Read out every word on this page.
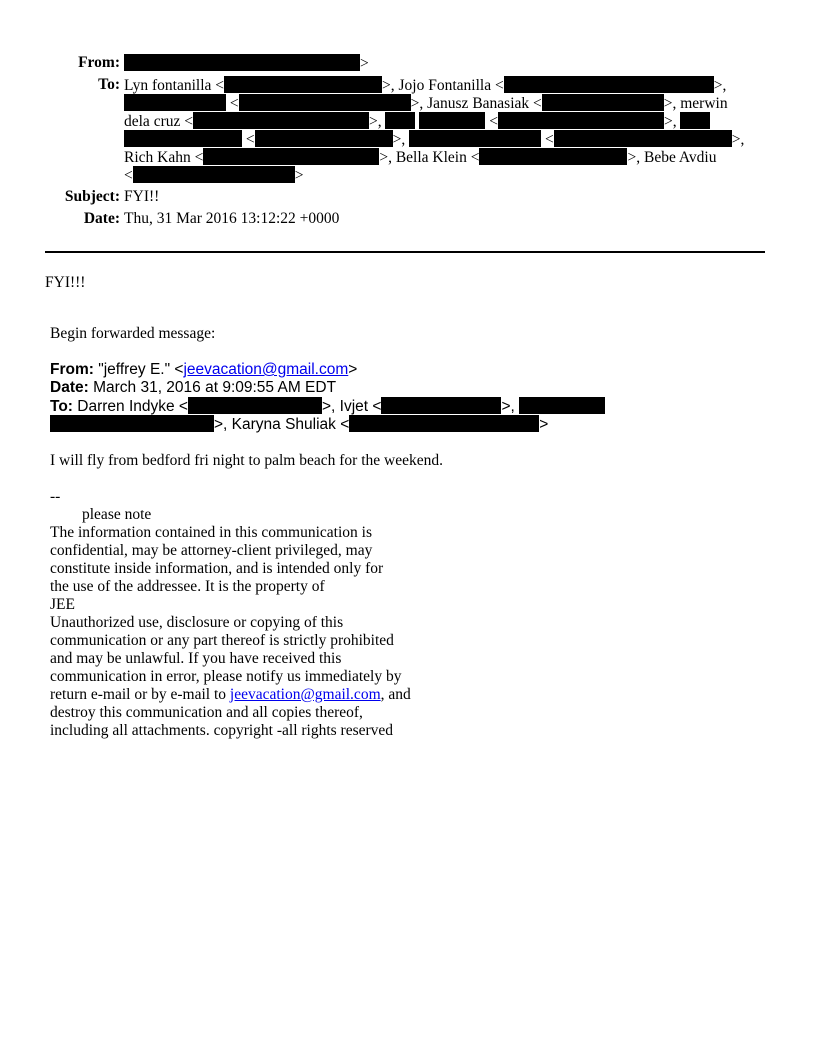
From:	>
To: Lyn fontanilla <	>, Jojo Fontanilla <	>,
<	>, Janusz Banasiak <	>, merwin
dela cruz <	>,	<	>,
<	>,	<	>,
Rich Kahn <	>, Bella Klein <	>, Bebe Avdiu
<	>
Subject: FYI!!
Date: Thu, 31 Mar 2016 13:12:22 +0000
FYI!!!
Begin forwarded message:
From: "jeffrey E." <jeevacation@gmail.com>
Date: March 31, 2016 at 9:09:55 AM EDT
To: Darren Indyke <	>, Ivjet <	>,
>, Karyna Shuliak <	>
I will fly from bedford fri night to palm beach for the weekend.
--
please note
The information contained in this communication is
confidential, may be attorney-client privileged, may
constitute inside information, and is intended only for
the use of the addressee. It is the property of
JEE
Unauthorized use, disclosure or copying of this
communication or any part thereof is strictly prohibited
and may be unlawful. If you have received this
communication in error, please notify us immediately by
return e-mail or by e-mail to jeevacation@gmail.com, and
destroy this communication and all copies thereof,
including all attachments. copyright -all rights reserved
